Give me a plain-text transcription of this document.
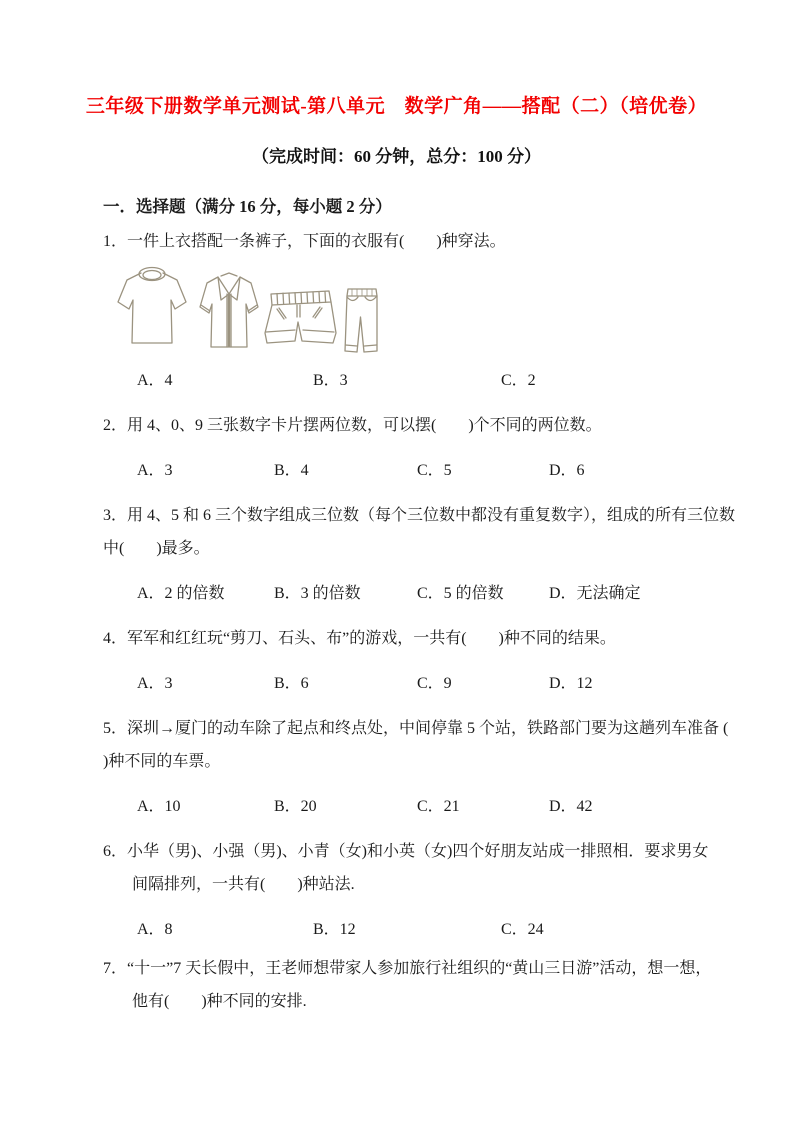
三年级下册数学单元测试-第八单元　数学广角——搭配（二）（培优卷）
（完成时间：60 分钟，总分：100 分）
一．选择题（满分 16 分，每小题 2 分）
1．一件上衣搭配一条裤子，下面的衣服有(　　)种穿法。
A．4	B．3	C．2
2．用 4、0、9 三张数字卡片摆两位数，可以摆(　　)个不同的两位数。
A．3	B．4	C．5	D．6
3．用 4、5 和 6 三个数字组成三位数（每个三位数中都没有重复数字），组成的所有三位数
中(　　)最多。
A．2 的倍数	B．3 的倍数	C．5 的倍数	D．无法确定
4．军军和红红玩“剪刀、石头、布”的游戏，一共有(　　)种不同的结果。
A．3	B．6	C．9	D．12
5．深圳→厦门的动车除了起点和终点处，中间停靠 5 个站，铁路部门要为这趟列车准备 (
)种不同的车票。
A．10	B．20	C．21	D．42
6．小华（男)、小强（男)、小青（女)和小英（女)四个好朋友站成一排照相．要求男女
间隔排列，一共有(　　)种站法.
A．8	B．12	C．24
7．“十一”7 天长假中，王老师想带家人参加旅行社组织的“黄山三日游”活动，想一想，
他有(　　)种不同的安排.
